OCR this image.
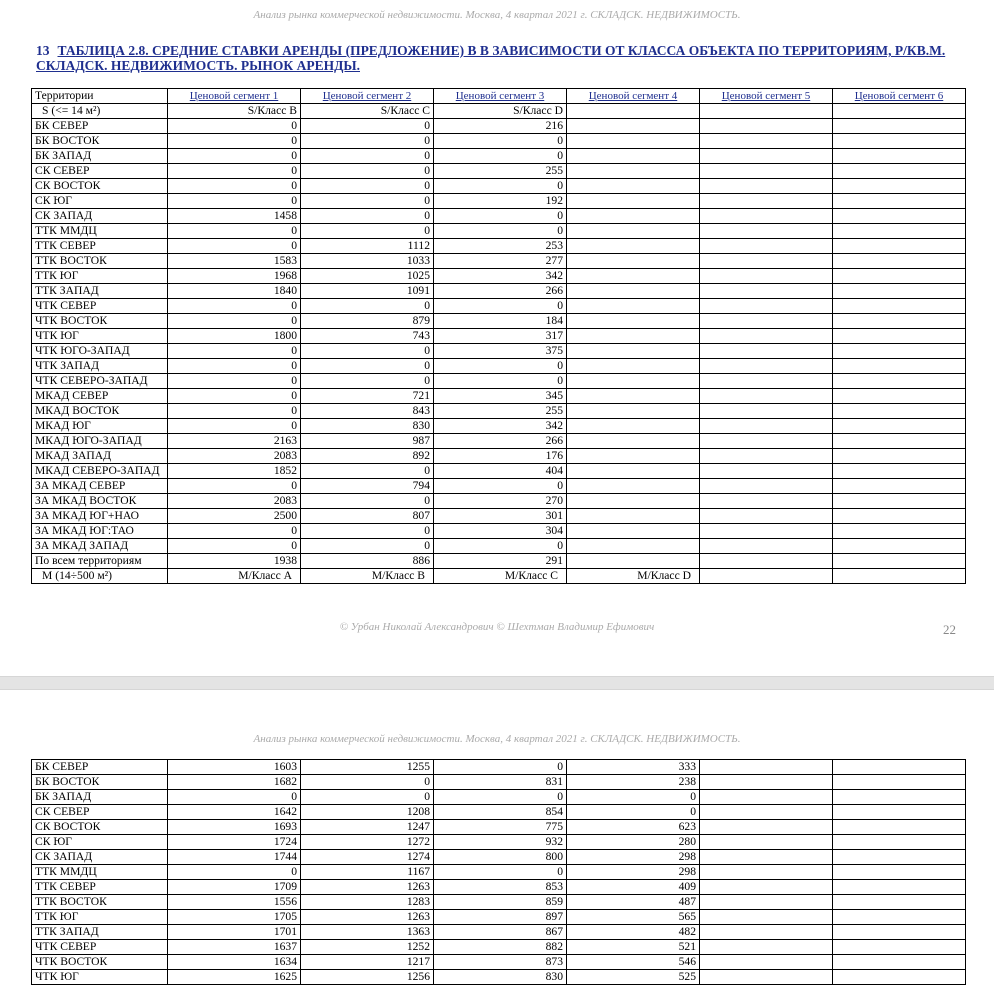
Анализ рынка коммерческой недвижимости. Москва, 4 квартал 2021 г. СКЛАДСК. НЕДВИЖИМОСТЬ.
13 ТАБЛИЦА 2.8. СРЕДНИЕ СТАВКИ АРЕНДЫ (ПРЕДЛОЖЕНИЕ) В В ЗАВИСИМОСТИ ОТ КЛАССА ОБЪЕКТА ПО ТЕРРИТОРИЯМ, Р/КВ.М. СКЛАДСК. НЕДВИЖИМОСТЬ. РЫНОК АРЕНДЫ.
Территории	Ценовой сегмент 1	Ценовой сегмент 2	Ценовой сегмент 3	Ценовой сегмент 4	Ценовой сегмент 5	Ценовой сегмент 6
S (<= 14 м²)	S/Класс B	S/Класс C	S/Класс D			
БК СЕВЕР	0	0	216			
БК ВОСТОК	0	0	0			
БК ЗАПАД	0	0	0			
СК СЕВЕР	0	0	255			
СК ВОСТОК	0	0	0			
СК ЮГ	0	0	192			
СК ЗАПАД	1458	0	0			
ТТК ММДЦ	0	0	0			
ТТК СЕВЕР	0	1112	253			
ТТК ВОСТОК	1583	1033	277			
ТТК ЮГ	1968	1025	342			
ТТК ЗАПАД	1840	1091	266			
ЧТК СЕВЕР	0	0	0			
ЧТК ВОСТОК	0	879	184			
ЧТК ЮГ	1800	743	317			
ЧТК ЮГО-ЗАПАД	0	0	375			
ЧТК ЗАПАД	0	0	0			
ЧТК СЕВЕРО-ЗАПАД	0	0	0			
МКАД СЕВЕР	0	721	345			
МКАД ВОСТОК	0	843	255			
МКАД ЮГ	0	830	342			
МКАД ЮГО-ЗАПАД	2163	987	266			
МКАД ЗАПАД	2083	892	176			
МКАД СЕВЕРО-ЗАПАД	1852	0	404			
ЗА МКАД СЕВЕР	0	794	0			
ЗА МКАД ВОСТОК	2083	0	270			
ЗА МКАД ЮГ+НАО	2500	807	301			
ЗА МКАД ЮГ:ТАО	0	0	304			
ЗА МКАД ЗАПАД	0	0	0			
По всем территориям	1938	886	291			
M (14÷500 м²)	M/Класс A	M/Класс B	M/Класс C	M/Класс D		
© Урбан Николай Александрович © Шехтман Владимир Ефимович	22
Анализ рынка коммерческой недвижимости. Москва, 4 квартал 2021 г. СКЛАДСК. НЕДВИЖИМОСТЬ.
БК СЕВЕР	1603	1255	0	333		
БК ВОСТОК	1682	0	831	238		
БК ЗАПАД	0	0	0	0		
СК СЕВЕР	1642	1208	854	0		
СК ВОСТОК	1693	1247	775	623		
СК ЮГ	1724	1272	932	280		
СК ЗАПАД	1744	1274	800	298		
ТТК ММДЦ	0	1167	0	298		
ТТК СЕВЕР	1709	1263	853	409		
ТТК ВОСТОК	1556	1283	859	487		
ТТК ЮГ	1705	1263	897	565		
ТТК ЗАПАД	1701	1363	867	482		
ЧТК СЕВЕР	1637	1252	882	521		
ЧТК ВОСТОК	1634	1217	873	546		
ЧТК ЮГ	1625	1256	830	525		
